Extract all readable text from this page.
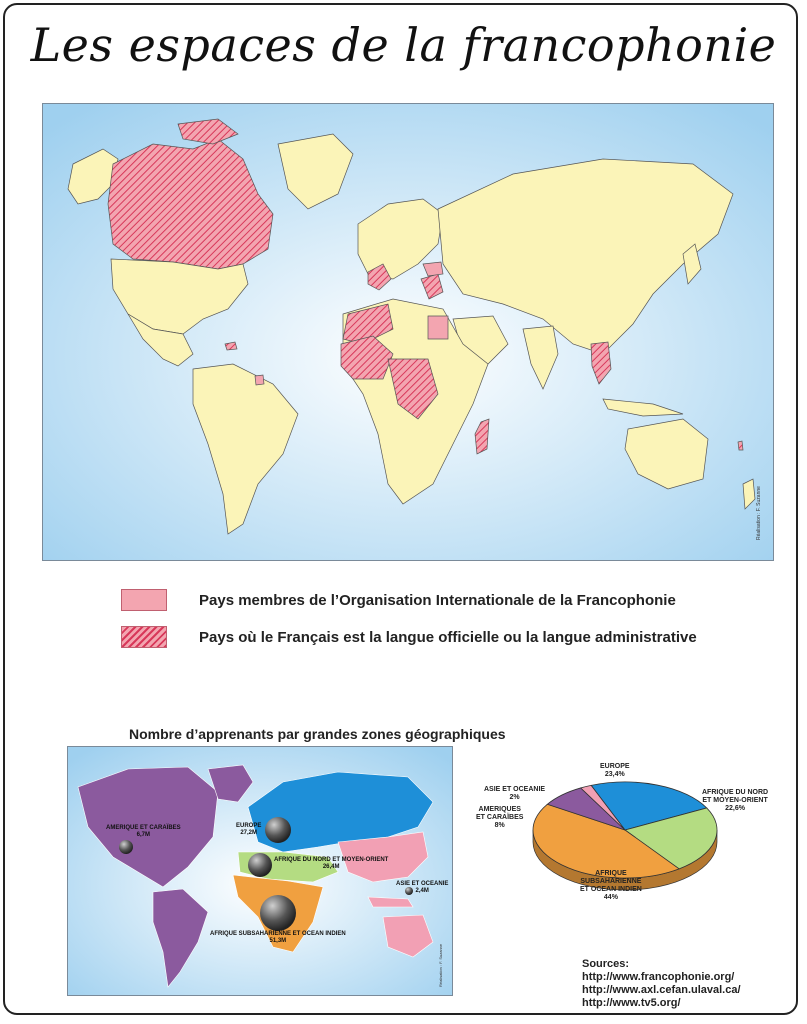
Les espaces de la francophonie
Réalisation : F. Suzanne
Pays membres de l’Organisation Internationale de la Francophonie
Pays où le Français est la langue officielle ou la langue administrative
Nombre d’apprenants par grandes zones géographiques
AMERIQUE ET CARAÏBES
6,7M
EUROPE
27,2M
AFRIQUE DU NORD ET MOYEN-ORIENT
26,4M
AFRIQUE SUBSAHARIENNE ET OCEAN INDIEN
51,3M
ASIE ET OCEANIE
2,4M
Réalisation : F. Suzanne
EUROPE
23,4%
AFRIQUE DU NORD
ET MOYEN-ORIENT
22,6%
AFRIQUE
SUBSAHARIENNE
ET OCEAN INDIEN
44%
AMERIQUES
ET CARAÏBES
8%
ASIE ET OCEANIE
2%
Sources:
http://www.francophonie.org/
http://www.axl.cefan.ulaval.ca/
http://www.tv5.org/
